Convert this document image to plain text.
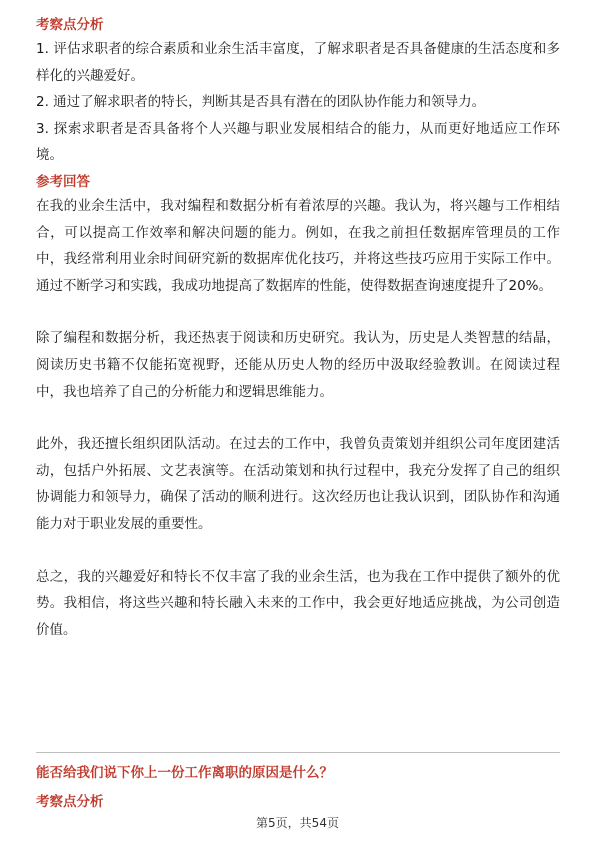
考察点分析
1. 评估求职者的综合素质和业余生活丰富度，了解求职者是否具备健康的生活态度和多样化的兴趣爱好。
2. 通过了解求职者的特长，判断其是否具有潜在的团队协作能力和领导力。
3. 探索求职者是否具备将个人兴趣与职业发展相结合的能力，从而更好地适应工作环境。
参考回答
在我的业余生活中，我对编程和数据分析有着浓厚的兴趣。我认为，将兴趣与工作相结合，可以提高工作效率和解决问题的能力。例如，在我之前担任数据库管理员的工作中，我经常利用业余时间研究新的数据库优化技巧，并将这些技巧应用于实际工作中。通过不断学习和实践，我成功地提高了数据库的性能，使得数据查询速度提升了20%。
除了编程和数据分析，我还热衷于阅读和历史研究。我认为，历史是人类智慧的结晶，阅读历史书籍不仅能拓宽视野，还能从历史人物的经历中汲取经验教训。在阅读过程中，我也培养了自己的分析能力和逻辑思维能力。
此外，我还擅长组织团队活动。在过去的工作中，我曾负责策划并组织公司年度团建活动，包括户外拓展、文艺表演等。在活动策划和执行过程中，我充分发挥了自己的组织协调能力和领导力，确保了活动的顺利进行。这次经历也让我认识到，团队协作和沟通能力对于职业发展的重要性。
总之，我的兴趣爱好和特长不仅丰富了我的业余生活，也为我在工作中提供了额外的优势。我相信，将这些兴趣和特长融入未来的工作中，我会更好地适应挑战，为公司创造价值。
能否给我们说下你上一份工作离职的原因是什么？
考察点分析
第5页，共54页
